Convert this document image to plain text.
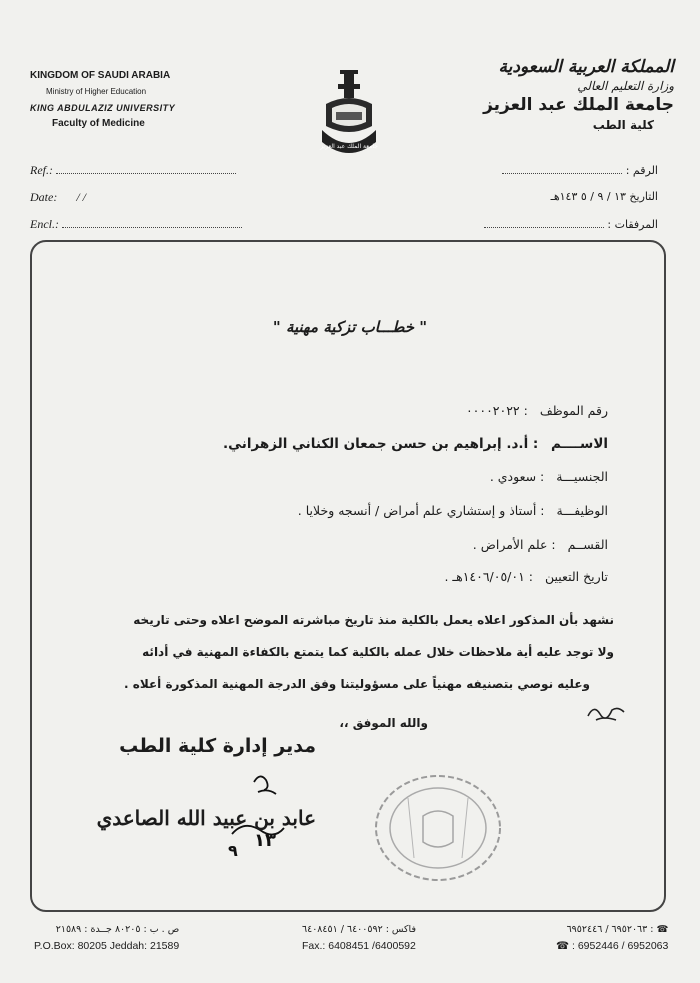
KINGDOM OF SAUDI ARABIA
Ministry of Higher Education
KING ABDULAZIZ UNIVERSITY
Faculty of Medicine
جامعة الملك عبد العزيز
المملكة العربية السعودية
وزارة التعليم العالي
جامعة الملك عبد العزيز
كلية الطب
Ref.:
Date: / /
Encl.:
الرقم :
التاريخ ١٣ / ٩ / ٥ ١٤٣هـ
المرفقات :
" خطـــاب تزكية مهنية "
رقم الموظف : ٠٠٠٠٢٠٢٢
الاســــم : أ.د. إبراهيم بن حسن جمعان الكناني الزهراني.
الجنسيـــة : سعودي .
الوظيفـــة : أستاذ و إستشاري علم أمراض / أنسجه وخلايا .
القســم : علم الأمراض .
تاريخ التعيين : ١٤٠٦/٠٥/٠١هـ .
نشهد بأن المذكور اعلاه يعمل بالكلية منذ تاريخ مباشرته الموضح اعلاه وحتى تاريخه
ولا توجد عليه أية ملاحظات خلال عمله بالكلية كما يتمتع بالكفاءة المهنية في أدائه
وعليه نوصي بتصنيفه مهنياً على مسؤوليتنا وفق الدرجة المهنية المذكورة أعلاه .
والله الموفق ،،
مدير إدارة كلية الطب
١٣
٩
عابد بن عبيد الله الصاعدي
ص . ب : ٨٠٢٠٥ جــدة : ٢١٥٨٩
P.O.Box: 80205 Jeddah: 21589
فاكس : ٦٤٠٠٥٩٢ / ٦٤٠٨٤٥١
Fax.: 6408451 /6400592
☎ : ٦٩٥٢٠٦٣ / ٦٩٥٢٤٤٦
☎ : 6952446 / 6952063
